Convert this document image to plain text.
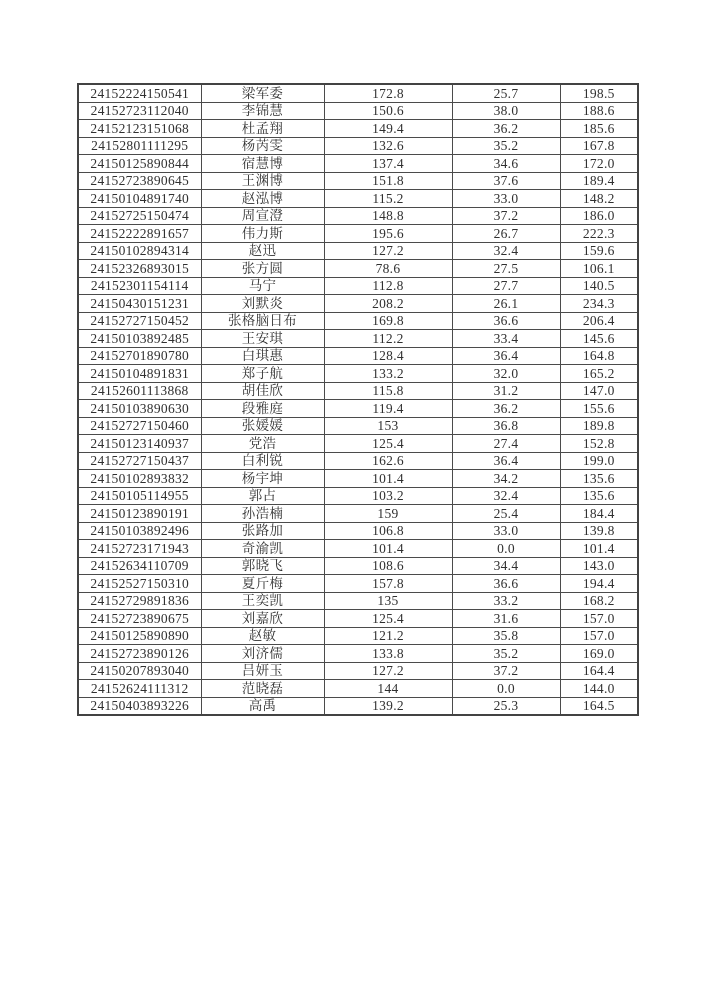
24152224150541	梁军委	172.8	25.7	198.5
24152723112040	李锦慧	150.6	38.0	188.6
24152123151068	杜孟翔	149.4	36.2	185.6
24152801111295	杨芮雯	132.6	35.2	167.8
24150125890844	宿慧博	137.4	34.6	172.0
24152723890645	王渊博	151.8	37.6	189.4
24150104891740	赵泓博	115.2	33.0	148.2
24152725150474	周宣澄	148.8	37.2	186.0
24152222891657	伟力斯	195.6	26.7	222.3
24150102894314	赵迅	127.2	32.4	159.6
24152326893015	张方圆	78.6	27.5	106.1
24152301154114	马宁	112.8	27.7	140.5
24150430151231	刘默炎	208.2	26.1	234.3
24152727150452	张格脑日布	169.8	36.6	206.4
24150103892485	王安琪	112.2	33.4	145.6
24152701890780	白琪惠	128.4	36.4	164.8
24150104891831	郑子航	133.2	32.0	165.2
24152601113868	胡佳欣	115.8	31.2	147.0
24150103890630	段雅庭	119.4	36.2	155.6
24152727150460	张媛媛	153	36.8	189.8
24150123140937	党浩	125.4	27.4	152.8
24152727150437	白利锐	162.6	36.4	199.0
24150102893832	杨宇坤	101.4	34.2	135.6
24150105114955	郭占	103.2	32.4	135.6
24150123890191	孙浩楠	159	25.4	184.4
24150103892496	张路加	106.8	33.0	139.8
24152723171943	奇渝凯	101.4	0.0	101.4
24152634110709	郭晓飞	108.6	34.4	143.0
24152527150310	夏斤梅	157.8	36.6	194.4
24152729891836	王奕凯	135	33.2	168.2
24152723890675	刘嘉欣	125.4	31.6	157.0
24150125890890	赵敏	121.2	35.8	157.0
24152723890126	刘济儒	133.8	35.2	169.0
24150207893040	吕妍玉	127.2	37.2	164.4
24152624111312	范晓磊	144	0.0	144.0
24150403893226	高禹	139.2	25.3	164.5
